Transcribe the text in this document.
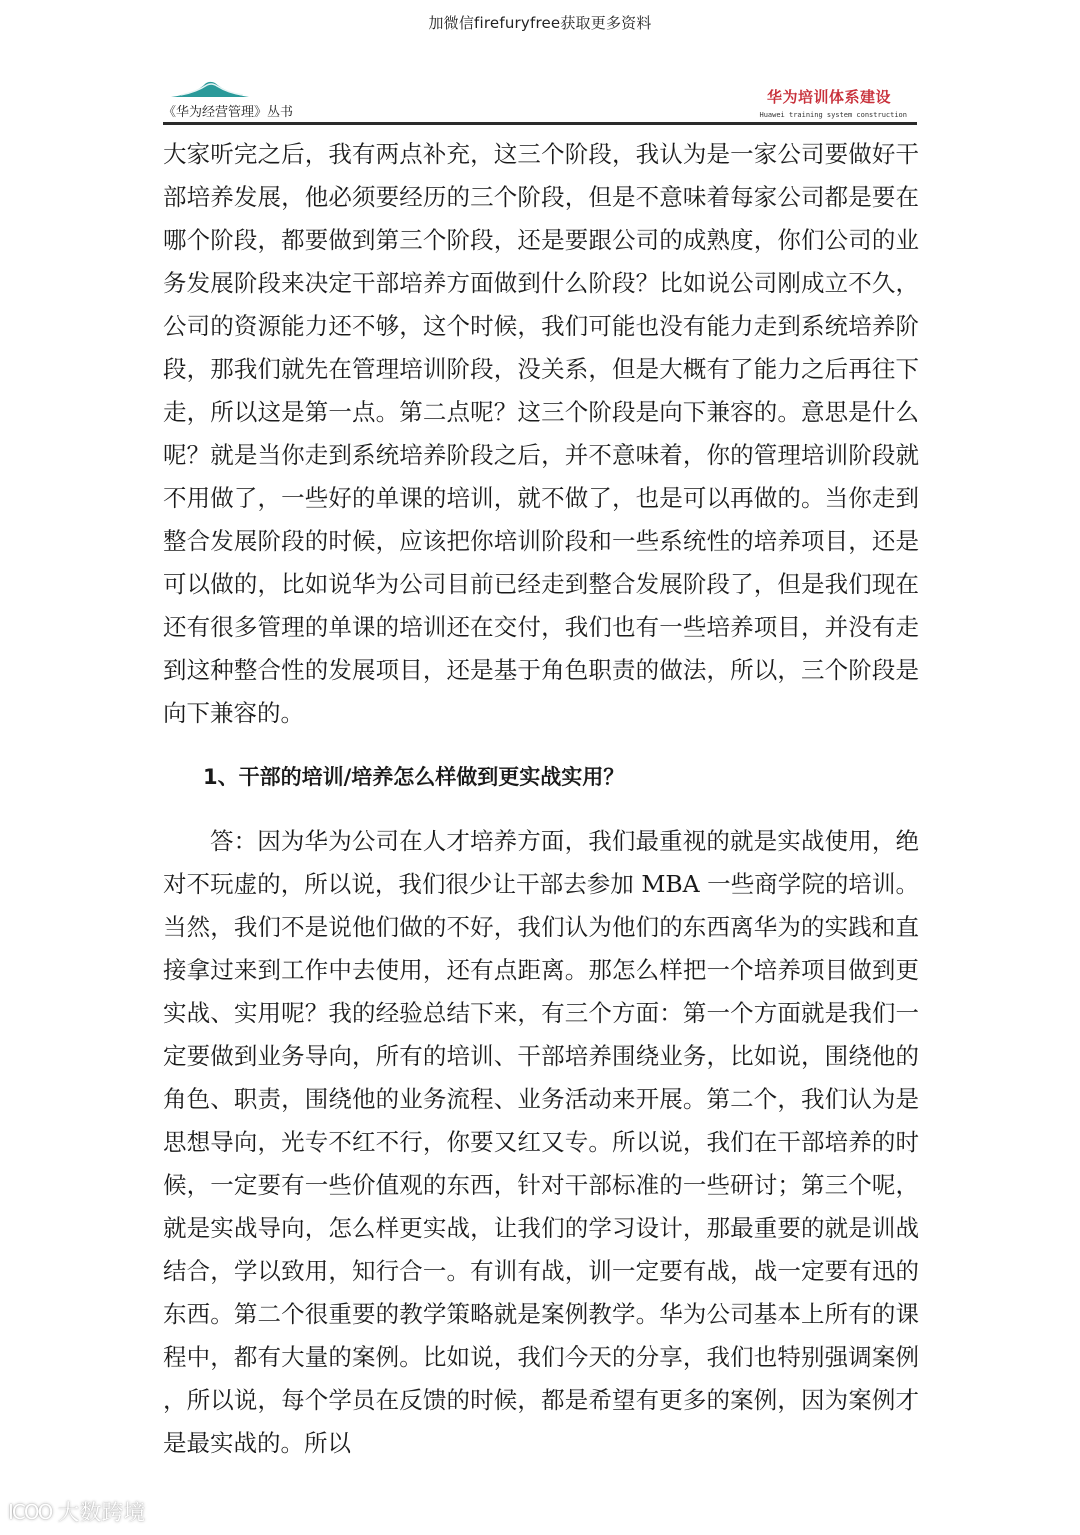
加微信firefuryfree获取更多资料
《华为经营管理》丛书
华为培训体系建设
Huawei training system construction

大家听完之后，我有两点补充，这三个阶段，我认为是一家公司要做好干部培养发展，他必须要经历的三个阶段，但是不意味着每家公司都是要在哪个阶段，都要做到第三个阶段，还是要跟公司的成熟度，你们公司的业务发展阶段来决定干部培养方面做到什么阶段？比如说公司刚成立不久，公司的资源能力还不够，这个时候，我们可能也没有能力走到系统培养阶段，那我们就先在管理培训阶段，没关系，但是大概有了能力之后再往下走，所以这是第一点。第二点呢？这三个阶段是向下兼容的。意思是什么呢？就是当你走到系统培养阶段之后，并不意味着，你的管理培训阶段就不用做了，一些好的单课的培训，就不做了，也是可以再做的。当你走到整合发展阶段的时候，应该把你培训阶段和一些系统性的培养项目，还是可以做的，比如说华为公司目前已经走到整合发展阶段了，但是我们现在还有很多管理的单课的培训还在交付，我们也有一些培养项目，并没有走到这种整合性的发展项目，还是基于角色职责的做法，所以，三个阶段是向下兼容的。

1、干部的培训/培养怎么样做到更实战实用？

答：因为华为公司在人才培养方面，我们最重视的就是实战使用，绝对不玩虚的，所以说，我们很少让干部去参加 MBA 一些商学院的培训。当然，我们不是说他们做的不好，我们认为他们的东西离华为的实践和直接拿过来到工作中去使用，还有点距离。那怎么样把一个培养项目做到更实战、实用呢？我的经验总结下来，有三个方面：第一个方面就是我们一定要做到业务导向，所有的培训、干部培养围绕业务，比如说，围绕他的角色、职责，围绕他的业务流程、业务活动来开展。第二个，我们认为是思想导向，光专不红不行，你要又红又专。所以说，我们在干部培养的时候，一定要有一些价值观的东西，针对干部标准的一些研讨；第三个呢，就是实战导向，怎么样更实战，让我们的学习设计，那最重要的就是训战结合，学以致用，知行合一。有训有战，训一定要有战，战一定要有迅的东西。第二个很重要的教学策略就是案例教学。华为公司基本上所有的课程中，都有大量的案例。比如说，我们今天的分享，我们也特别强调案例，所以说，每个学员在反馈的时候，都是希望有更多的案例，因为案例才是最实战的。所以

ICOO 大数跨境
